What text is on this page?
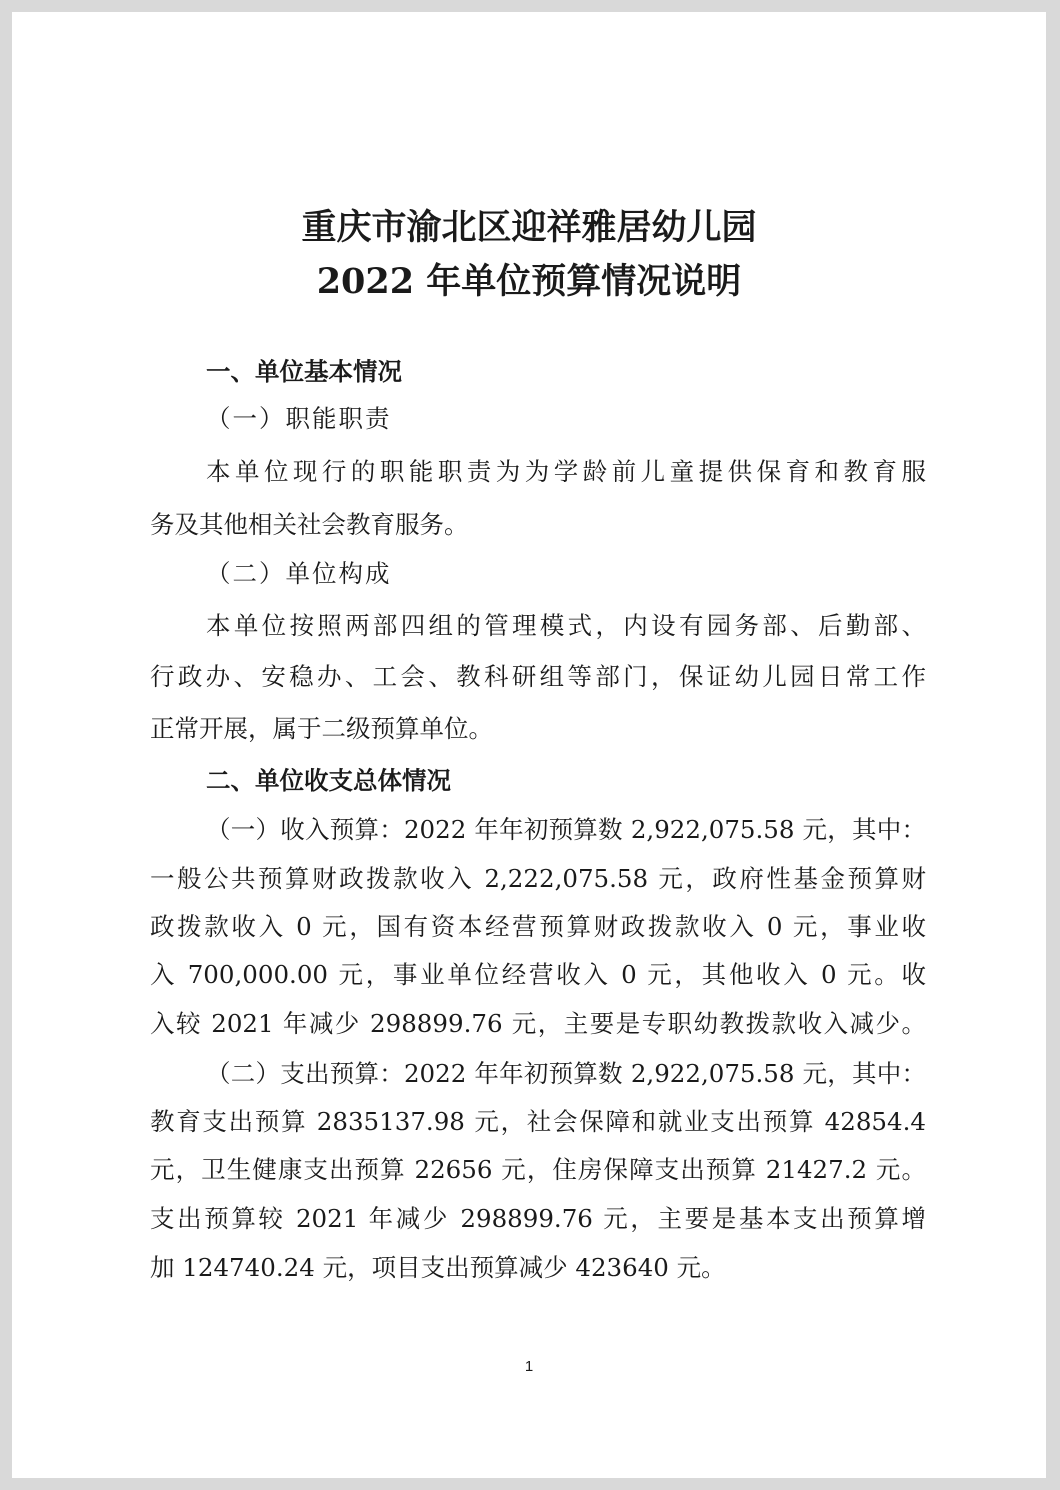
重庆市渝北区迎祥雅居幼儿园
2022 年单位预算情况说明
一、单位基本情况
（一）职能职责
本单位现行的职能职责为为学龄前儿童提供保育和教育服
务及其他相关社会教育服务。
（二）单位构成
本单位按照两部四组的管理模式，内设有园务部、后勤部、
行政办、安稳办、工会、教科研组等部门，保证幼儿园日常工作
正常开展，属于二级预算单位。
二、单位收支总体情况
（一）收入预算：2022 年年初预算数 2,922,075.58 元，其中：
一般公共预算财政拨款收入 2,222,075.58 元，政府性基金预算财
政拨款收入 0 元，国有资本经营预算财政拨款收入 0 元，事业收
入 700,000.00 元，事业单位经营收入 0 元，其他收入 0 元。收
入较 2021 年减少 298899.76 元，主要是专职幼教拨款收入减少。
（二）支出预算：2022 年年初预算数 2,922,075.58 元，其中：
教育支出预算 2835137.98 元，社会保障和就业支出预算 42854.4
元，卫生健康支出预算 22656 元，住房保障支出预算 21427.2 元。
支出预算较 2021 年减少 298899.76 元，主要是基本支出预算增
加 124740.24 元，项目支出预算减少 423640 元。
1
